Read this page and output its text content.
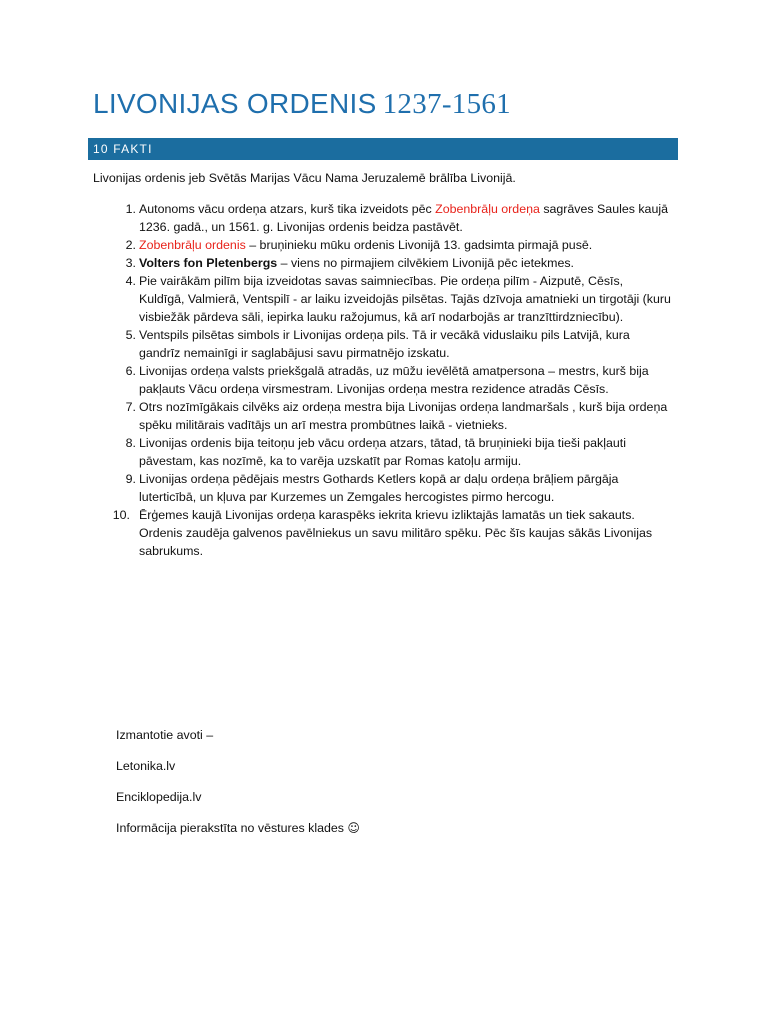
LIVONIJAS ORDENIS 1237-1561
10 FAKTI

Livonijas ordenis jeb Svētās Marijas Vācu Nama Jeruzalemē brālība Livonijā.

1. Autonoms vācu ordeņa atzars, kurš tika izveidots pēc Zobenbrāļu ordeņa sagrāves Saules kaujā 1236. gadā., un 1561. g. Livonijas ordenis beidza pastāvēt.
2. Zobenbrāļu ordenis – bruņinieku mūku ordenis Livonijā 13. gadsimta pirmajā pusē.
3. Volters fon Pletenbergs – viens no pirmajiem cilvēkiem Livonijā pēc ietekmes.
4. Pie vairākām pilīm bija izveidotas savas saimniecības. Pie ordeņa pilīm - Aizputē, Cēsīs, Kuldīgā, Valmierā, Ventspilī - ar laiku izveidojās pilsētas. Tajās dzīvoja amatnieki un tirgotāji (kuru visbiežāk pārdeva sāli, iepirka lauku ražojumus, kā arī nodarbojās ar tranzīttirdzniecību).
5. Ventspils pilsētas simbols ir Livonijas ordeņa pils. Tā ir vecākā viduslaiku pils Latvijā, kura gandrīz nemainīgi ir saglabājusi savu pirmatnējo izskatu.
6. Livonijas ordeņa valsts priekšgalā atradās, uz mūžu ievēlētā amatpersona – mestrs, kurš bija pakļauts Vācu ordeņa virsmestram. Livonijas ordeņa mestra rezidence atradās Cēsīs.
7. Otrs nozīmīgākais cilvēks aiz ordeņa mestra bija Livonijas ordeņa landmaršals , kurš bija ordeņa spēku militārais vadītājs un arī mestra prombūtnes laikā - vietnieks.
8. Livonijas ordenis bija teitoņu jeb vācu ordeņa atzars, tātad, tā bruņinieki bija tieši pakļauti pāvestam, kas nozīmē, ka to varēja uzskatīt par Romas katoļu armiju.
9. Livonijas ordeņa pēdējais mestrs Gothards Ketlers kopā ar daļu ordeņa brāļiem pārgāja luterticībā, un kļuva par Kurzemes un Zemgales hercogistes pirmo hercogu.
10. Ērģemes kaujā Livonijas ordeņa karaspēks iekrita krievu izliktajās lamatās un tiek sakauts. Ordenis zaudēja galvenos pavēlniekus un savu militāro spēku. Pēc šīs kaujas sākās Livonijas sabrukums.

Izmantotie avoti –

Letonika.lv

Enciklopedija.lv

Informācija pierakstīta no vēstures klades ☺
